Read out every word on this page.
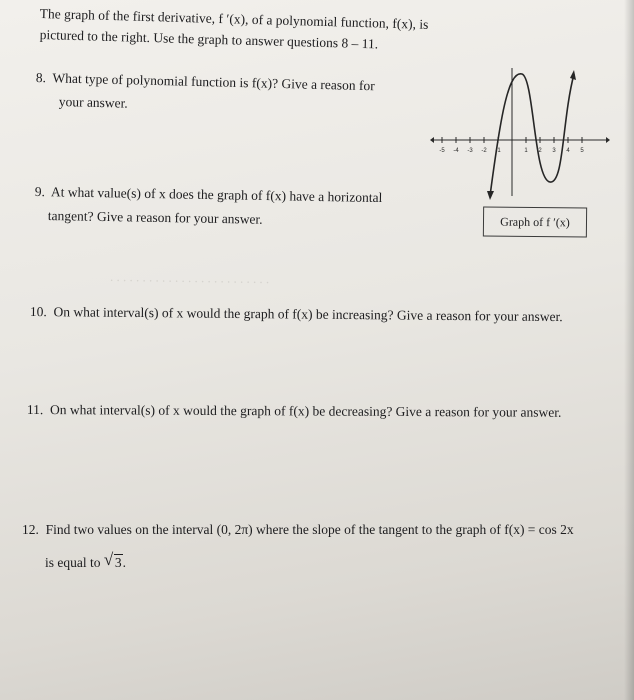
. . . . . . . . . . . . . . . . . . . . . . . . .
The graph of the first derivative, f ′(x), of a polynomial function, f(x), is
pictured to the right. Use the graph to answer questions 8 – 11.
8. What type of polynomial function is f(x)? Give a reason for
your answer.
9. At what value(s) of x does the graph of f(x) have a horizontal
tangent? Give a reason for your answer.
10. On what interval(s) of x would the graph of f(x) be increasing? Give a reason for your answer.
11. On what interval(s) of x would the graph of f(x) be decreasing? Give a reason for your answer.
12. Find two values on the interval (0, 2π) where the slope of the tangent to the graph of f(x) = cos 2x
is equal to √ 3.
-5 -4 -3 -2 -1	1 2 3 4 5
Graph of f ′(x)
